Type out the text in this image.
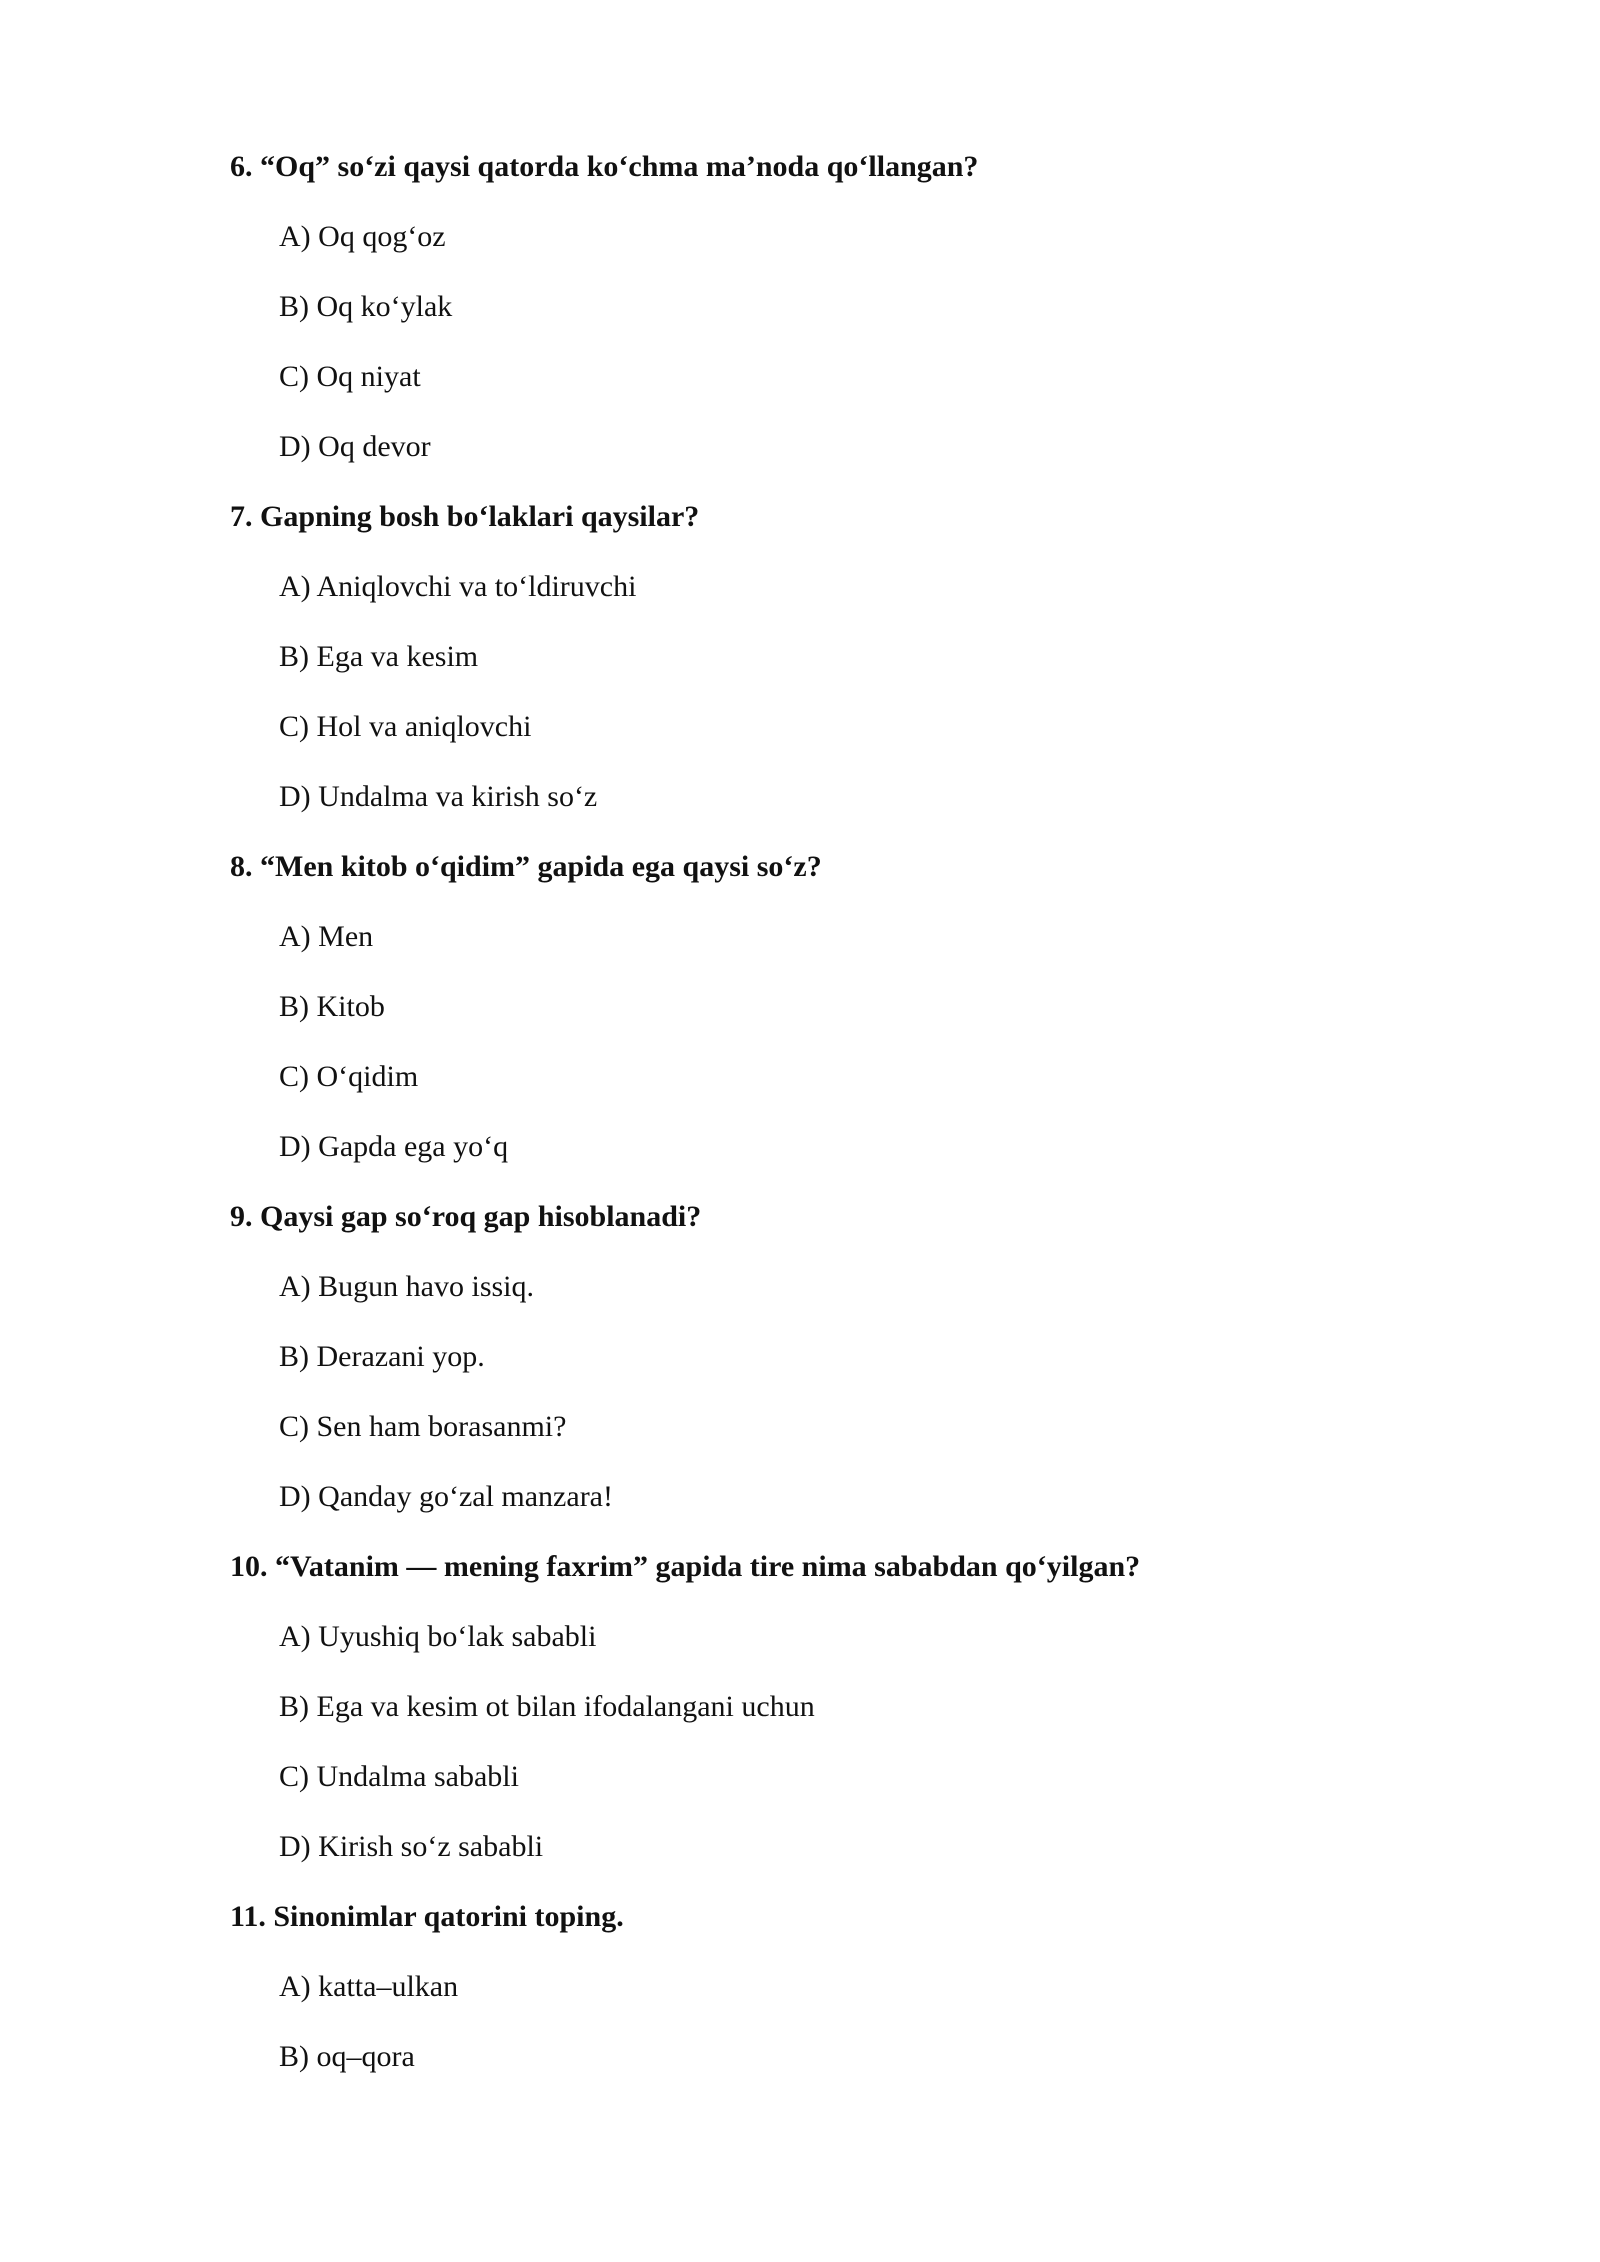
6. “Oq” so‘zi qaysi qatorda ko‘chma ma’noda qo‘llangan?

A) Oq qog‘oz

B) Oq ko‘ylak

C) Oq niyat

D) Oq devor

7. Gapning bosh bo‘laklari qaysilar?

A) Aniqlovchi va to‘ldiruvchi

B) Ega va kesim

C) Hol va aniqlovchi

D) Undalma va kirish so‘z

8. “Men kitob o‘qidim” gapida ega qaysi so‘z?

A) Men

B) Kitob

C) O‘qidim

D) Gapda ega yo‘q

9. Qaysi gap so‘roq gap hisoblanadi?

A) Bugun havo issiq.

B) Derazani yop.

C) Sen ham borasanmi?

D) Qanday go‘zal manzara!

10. “Vatanim — mening faxrim” gapida tire nima sababdan qo‘yilgan?

A) Uyushiq bo‘lak sababli

B) Ega va kesim ot bilan ifodalangani uchun

C) Undalma sababli

D) Kirish so‘z sababli

11. Sinonimlar qatorini toping.

A) katta–ulkan

B) oq–qora
